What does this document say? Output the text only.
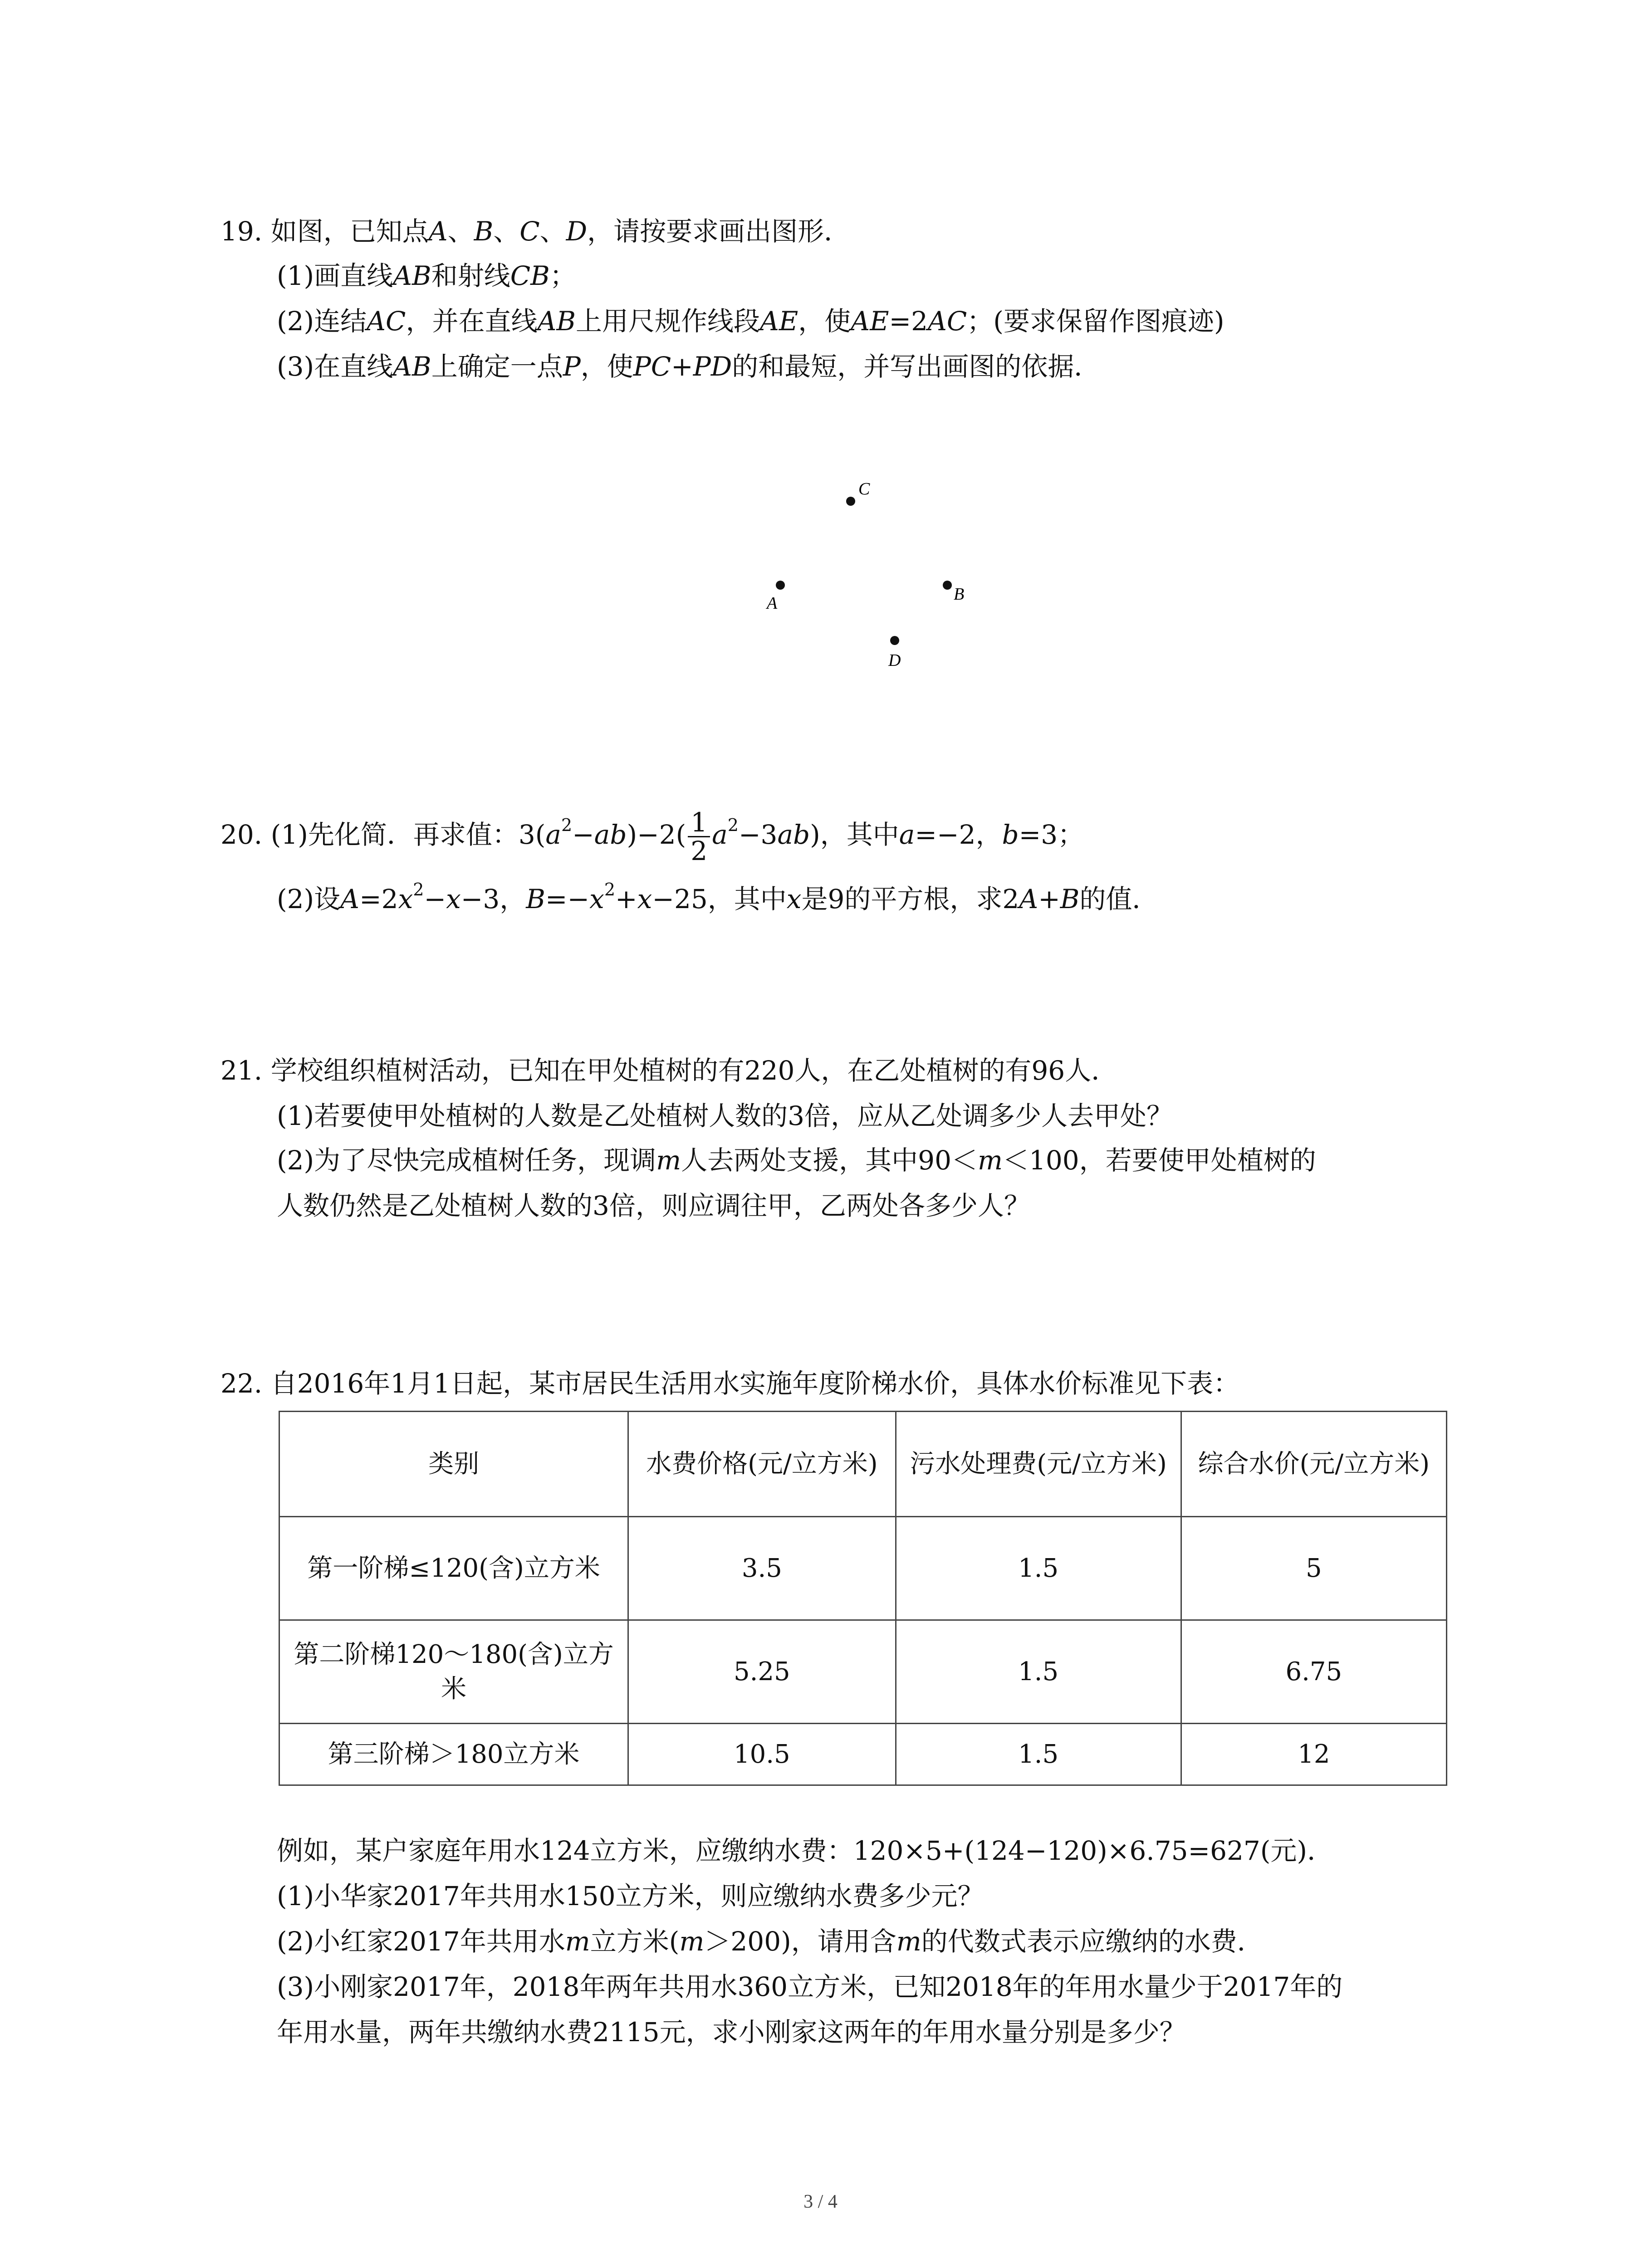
19. 如图，已知点A、B、C、D，请按要求画出图形．
(1)画直线AB和射线CB；
(2)连结AC，并在直线AB上用尺规作线段AE，使AE=2AC；(要求保留作图痕迹)
(3)在直线AB上确定一点P，使PC+PD的和最短，并写出画图的依据．
C
A	B
D
20. (1)先化简．再求值：$3(a^2-ab)-2( \frac{1}{2} a^2-3ab)$，其中a=−2，b=3；
(2)设$A=2x^2-x-3$，$B=-x^2+x-25$，其中x是9的平方根，求2A+B的值．
21. 学校组织植树活动，已知在甲处植树的有220人，在乙处植树的有96人．
(1)若要使甲处植树的人数是乙处植树人数的3倍，应从乙处调多少人去甲处？
(2)为了尽快完成植树任务，现调m人去两处支援，其中90＜m＜100，若要使甲处植树的
人数仍然是乙处植树人数的3倍，则应调往甲，乙两处各多少人？
22. 自2016年1月1日起，某市居民生活用水实施年度阶梯水价，具体水价标准见下表：
类别	水费价格(元/立方米)	污水处理费(元/立方米)	综合水价(元/立方米)
第一阶梯≤120(含)立方米	3.5	1.5	5
第二阶梯120～180(含)立方米	5.25	1.5	6.75
第三阶梯＞180立方米	10.5	1.5	12
例如，某户家庭年用水124立方米，应缴纳水费：120×5+(124−120)×6.75=627(元)．
(1)小华家2017年共用水150立方米，则应缴纳水费多少元？
(2)小红家2017年共用水m立方米(m＞200)，请用含m的代数式表示应缴纳的水费．
(3)小刚家2017年，2018年两年共用水360立方米，已知2018年的年用水量少于2017年的
年用水量，两年共缴纳水费2115元，求小刚家这两年的年用水量分别是多少？
3 / 4
